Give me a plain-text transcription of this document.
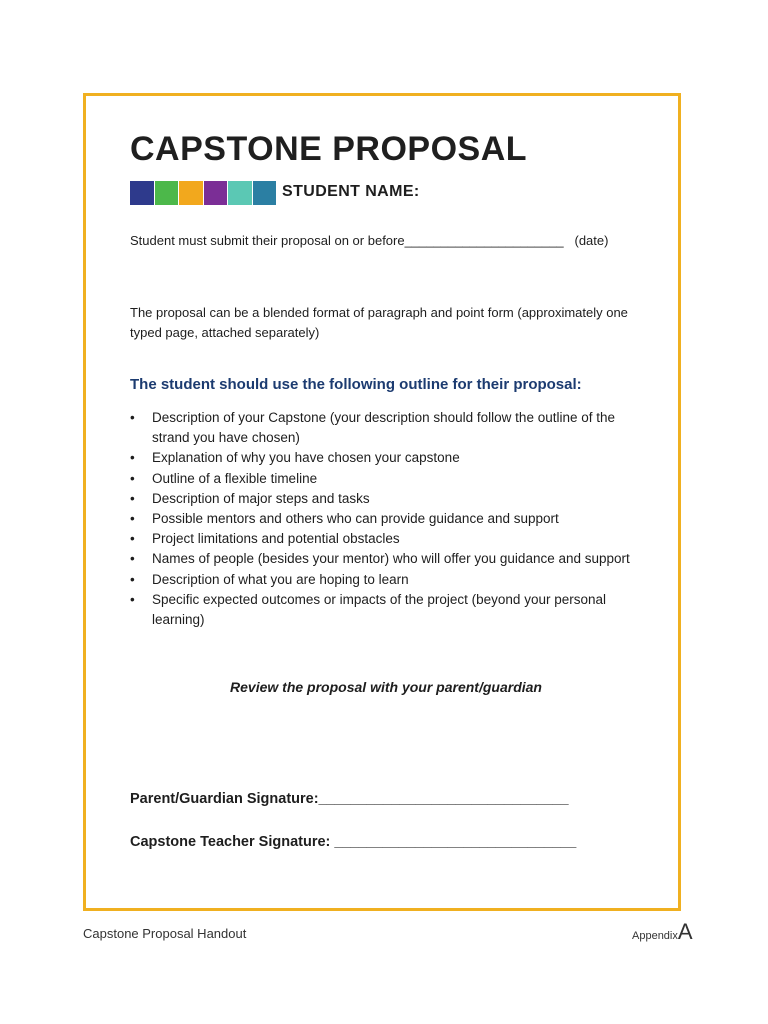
CAPSTONE PROPOSAL
STUDENT NAME:
Student must submit their proposal on or before______________________ (date)
The proposal can be a blended format of paragraph and point form (approximately one typed page, attached separately)
The student should use the following outline for their proposal:
• Description of your Capstone (your description should follow the outline of the strand you have chosen)
• Explanation of why you have chosen your capstone
• Outline of a flexible timeline
• Description of major steps and tasks
• Possible mentors and others who can provide guidance and support
• Project limitations and potential obstacles
• Names of people (besides your mentor) who will offer you guidance and support
• Description of what you are hoping to learn
• Specific expected outcomes or impacts of the project (beyond your personal learning)
Review the proposal with your parent/guardian
Parent/Guardian Signature:_______________________________
Capstone Teacher Signature: ______________________________
Capstone Proposal Handout	AppendixA
